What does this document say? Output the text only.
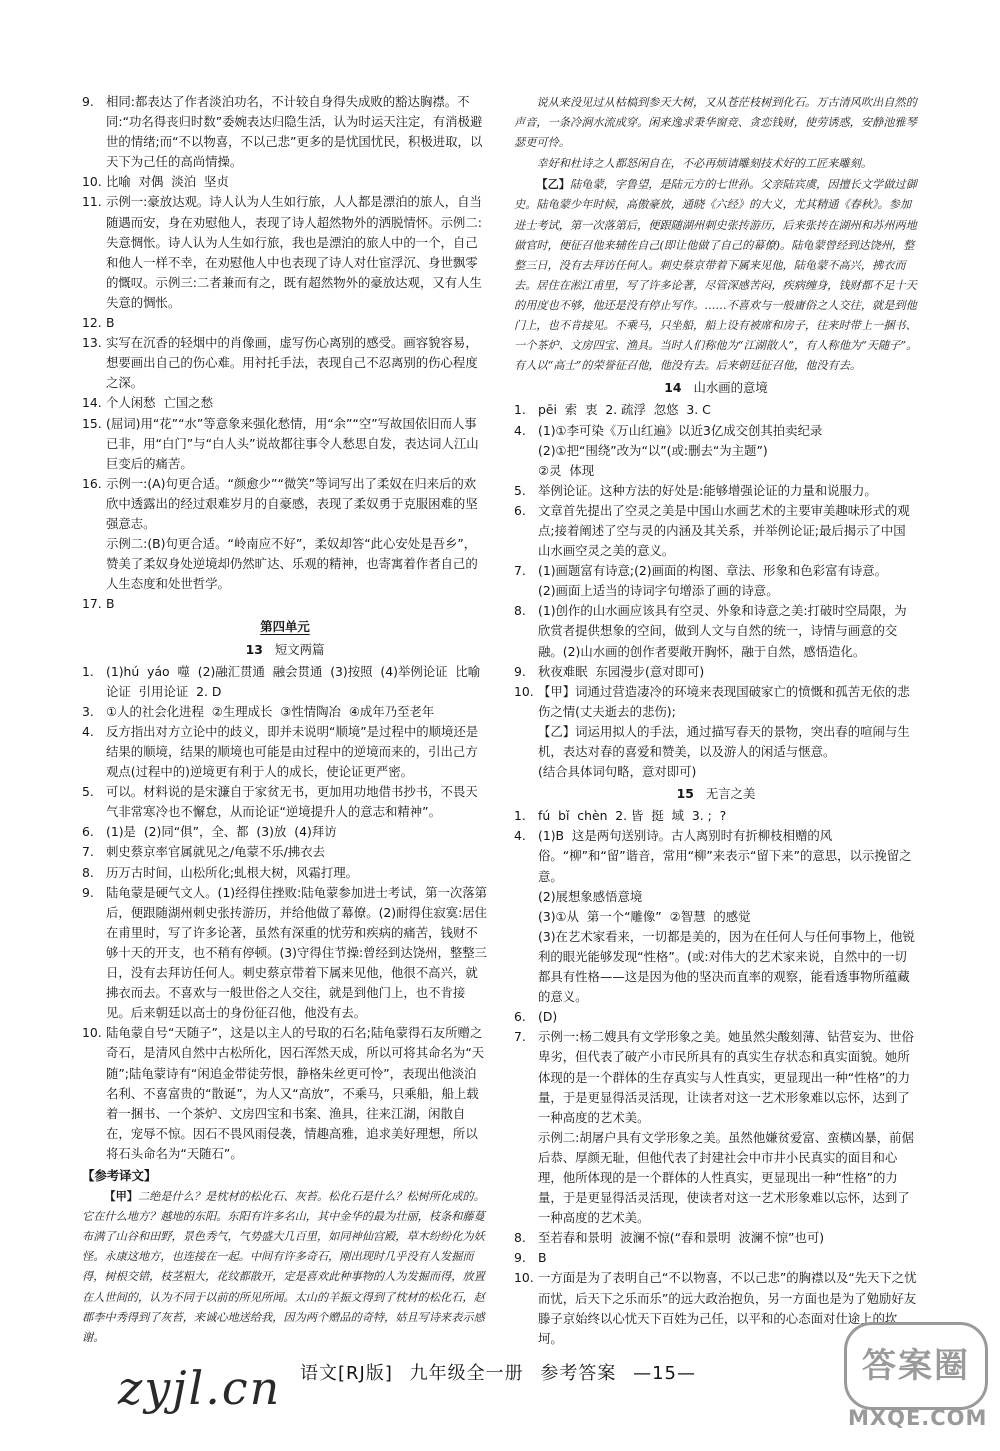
9. 相同:都表达了作者淡泊功名，不计较自身得失成败的豁达胸襟。不同:“功名得丧归时数”委婉表达归隐生活，认为时运天注定，有消极避世的情绪;而“不以物喜，不以己悲”更多的是忧国忧民，积极进取，以天下为己任的高尚情操。
10. 比喻  对偶  淡泊  坚贞
11. 示例一:豪放达观。诗人认为人生如行旅，人人都是漂泊的旅人，自当随遇而安，身在劝慰他人，表现了诗人超然物外的洒脱情怀。示例二:失意惆怅。诗人认为人生如行旅，我也是漂泊的旅人中的一个，自己和他人一样不幸，在劝慰他人中也表现了诗人对仕宦浮沉、身世飘零的慨叹。示例三:二者兼而有之，既有超然物外的豪放达观，又有人生失意的惆怅。
12. B
13. 实写在沉香的轻烟中的肖像画，虚写伤心离别的感受。画容貌容易，想要画出自己的伤心难。用衬托手法，表现自己不忍离别的伤心程度之深。
14. 个人闲愁  亡国之愁
15. (屈词)用“花”“水”等意象来强化愁情，用“余”“空”写故国依旧而人事已非，用“白门”与“白人头”说故都往事令人愁思自发，表达词人江山巨变后的痛苦。
16. 示例一:(A)句更合适。“颜愈少”“微笑”等词写出了柔奴在归来后的欢欣中透露出的经过艰难岁月的自豪感，表现了柔奴勇于克服困难的坚强意志。
示例二:(B)句更合适。“岭南应不好”，柔奴却答“此心安处是吾乡”，赞美了柔奴身处逆境却仍然旷达、乐观的精神，也寄寓着作者自己的人生态度和处世哲学。
17. B
第四单元
13 短文两篇
1. (1)hú  yáo  噬  (2)融汇贯通  融会贯通  (3)按照  (4)举例论证  比喻论证  引用论证  2. D
3. ①人的社会化进程  ②生理成长  ③性情陶冶  ④成年乃至老年
4. 反方指出对方立论中的歧义，即并未说明“顺境”是过程中的顺境还是结果的顺境，结果的顺境也可能是由过程中的逆境而来的，引出己方观点(过程中的)逆境更有利于人的成长，使论证更严密。
5. 可以。材料说的是宋濂自于家贫无书，更加用功地借书抄书，不畏天气非常寒冷也不懈怠，从而论证“逆境提升人的意志和精神”。
6. (1)是  (2)同“俱”，全、都  (3)放  (4)拜访
7. 刺史蔡京率官属就见之/龟蒙不乐/拂衣去
8. 历万古时间，山松所化;虬根大树，风霜打理。
9. 陆龟蒙是硬气文人。(1)经得住挫败:陆龟蒙参加进士考试，第一次落第后，便跟随湖州刺史张抟游历，并给他做了幕僚。(2)耐得住寂寞:居住在甫里时，写了许多论著，虽然有深重的忧劳和疾病的痛苦，钱财不够十天的开支，也不稍有停顿。(3)守得住节操:曾经到达饶州，整整三日，没有去拜访任何人。刺史蔡京带着下属来见他，他很不高兴，就拂衣而去。不喜欢与一般世俗之人交往，就是到他门上，也不肯接见。后来朝廷以高士的身份征召他，他没有去。
10. 陆龟蒙自号“天随子”，这是以主人的号取的石名;陆龟蒙得石友所赠之奇石，是清风自然中古松所化，因石浑然天成，所以可将其命名为“天随”;陆龟蒙诗有“闲追金带徒劳恨，静格朱丝更可怜”，表现出他淡泊名利、不喜富贵的“散诞”，为人又“高放”，不乘马，只乘船，船上载着一捆书、一个茶炉、文房四宝和书案、渔具，往来江湖，闲散自在，宠辱不惊。因石不畏风雨侵袭，情趣高雅，追求美好理想，所以将石头命名为“天随石”。
【参考译文】

【甲】二绝是什么？是枕材的松化石、灰苔。松化石是什么？松树所化成的。它在什么地方？越地的东阳。东阳有许多名山，其中金华的最为壮丽，枝条和藤蔓布满了山谷和田野，景色秀气，气势盛大几百里，如同神仙宫殿，草木纷纷化为妖怪。永康这地方，也连接在一起。中间有许多奇石，刚出现时几乎没有人发掘而得，树根交错，枝茎粗大，花纹都散开，定是喜欢此种事物的人为发掘而得，放置在人世间的，认为不同于以前的所见所闻。太山的羊振文得到了枕材的松化石，赵郡李中秀得到了灰苔，来诚心地送给我，因为两个赠品的奇特，姑且写诗来表示感谢。

说从来没见过从枯槁到参天大树，又从苍茫枝树到化石。万古清风吹出自然的声音，一条冷涧水流成穿。闲来逸求秉华窗竞、贪恋钱财，使劳诱惑，安静池雅琴瑟更可怜。

幸好和杜诗之人都怒闲自在，不必再烦请雕刻技术好的工匠来雕刻。

【乙】陆龟蒙，字鲁望，是陆元方的七世孙。父亲陆宾虞，因擅长文学做过御史。陆龟蒙少年时候，高傲豪放，通晓《六经》的大义，尤其精通《春秋》。参加进士考试，第一次落第后，便跟随湖州刺史张抟游历，后来张抟在湖州和苏州两地做官时，便征召他来辅佐自己(即让他做了自己的幕僚)。陆龟蒙曾经到达饶州，整整三日，没有去拜访任何人。刺史蔡京带着下属来见他，陆龟蒙不高兴，拂衣而去。居住在淞江甫里，写了许多论著，尽管深感苦闷，疾病缠身，钱财都不足十天的用度也不够，他还是没有停止写作。……不喜欢与一般庸俗之人交往，就是到他门上，也不肯接见。不乘马，只坐船，船上设有被席和房子，往来时带上一捆书、一个茶炉、文房四宝、渔具。当时人们称他为“江湖散人”，有人称他为“天随子”。有人以“高士”的荣誉征召他，他没有去。后来朝廷征召他，他没有去。

14 山水画的意境
1. pēi  索  衷  2. 疏浮  忽悠  3. C
4. (1)①李可染《万山红遍》以近3亿成交创其拍卖纪录
(2)①把“围绕”改为“以”(或:删去“为主题”)
②灵  体现
5. 举例论证。这种方法的好处是:能够增强论证的力量和说服力。
6. 文章首先提出了空灵之美是中国山水画艺术的主要审美趣味形式的观点;接着阐述了空与灵的内涵及其关系，并举例论证;最后揭示了中国山水画空灵之美的意义。
7. (1)画题富有诗意;(2)画面的构图、章法、形象和色彩富有诗意。
(2)画面上适当的诗词字句增添了画的诗意。
8. (1)创作的山水画应该具有空灵、外象和诗意之美:打破时空局限，为欣赏者提供想象的空间，做到人文与自然的统一，诗情与画意的交融。(2)山水画的创作者要敞开胸怀，融于自然，感悟造化。
9. 秋夜难眠  东园漫步(意对即可)
10. 【甲】词通过营造凄冷的环境来表现国破家亡的愤慨和孤苦无依的悲伤之情(丈夫逝去的悲伤);
【乙】词运用拟人的手法，通过描写春天的景物，突出春的喧闹与生机，表达对春的喜爱和赞美，以及游人的闲适与惬意。
(结合具体词句略，意对即可)
15 无言之美
1. fú  bǐ  chèn  2. 皆  挺  域  3. ;  ?
4. (1)B  这是两句送别诗。古人离别时有折柳枝相赠的风俗。“柳”和“留”谐音，常用“柳”来表示“留下来”的意思，以示挽留之意。
(2)展想象感悟意境
(3)①从  第一个“雕像”  ②智慧  的感觉
(3)在艺术家看来，一切都是美的，因为在任何人与任何事物上，他锐利的眼光能够发现“性格”。(或:对伟大的艺术家来说，自然中的一切都具有性格——这是因为他的坚决而直率的观察，能看透事物所蕴藏的意义。
6. (D)
7. 示例一:杨二嫂具有文学形象之美。她虽然尖酸刻薄、钻营妄为、世俗卑劣，但代表了破产小市民所具有的真实生存状态和真实面貌。她所体现的是一个群体的生存真实与人性真实，更显现出一种“性格”的力量，于是更显得活灵活现，让读者对这一艺术形象难以忘怀，达到了一种高度的艺术美。
示例二:胡屠户具有文学形象之美。虽然他嫌贫爱富、蛮横凶暴，前倨后恭、厚颜无耻，但他代表了封建社会中市井小民真实的面目和心理，他所体现的是一个群体的人性真实，更显现出一种“性格”的力量，于是更显得活灵活现，使读者对这一艺术形象难以忘怀，达到了一种高度的艺术美。
8. 至若春和景明  波澜不惊(“春和景明  波澜不惊”也可)
9. B
10. 一方面是为了表明自己“不以物喜，不以己悲”的胸襟以及“先天下之忧而忧，后天下之乐而乐”的远大政治抱负，另一方面也是为了勉励好友滕子京始终以心忧天下百姓为己任，以平和的心态面对仕途上的坎坷。
语文[RJ版] 九年级全一册 参考答案 —15—
zyjl.cn	答案圈
MXQE.COM
